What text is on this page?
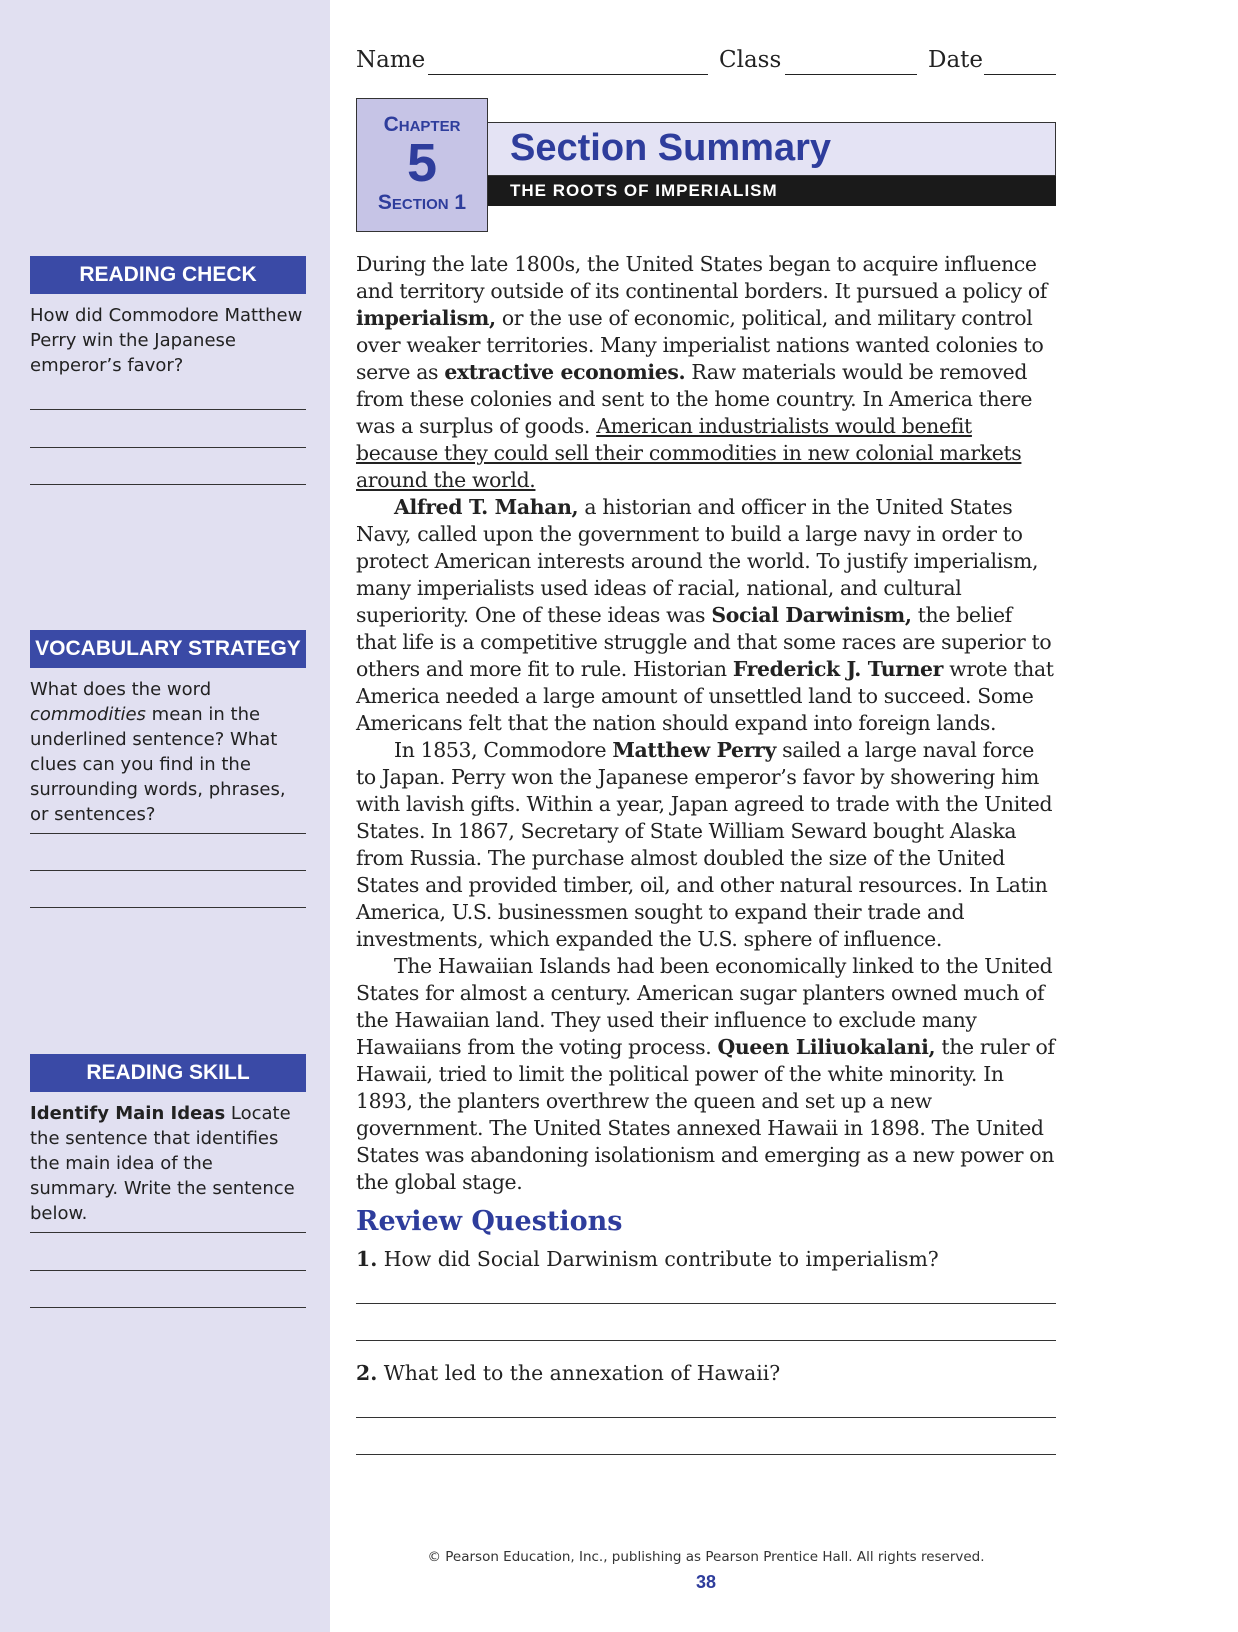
READING CHECK
How did Commodore Matthew Perry win the Japanese emperor’s favor?
VOCABULARY STRATEGY
What does the word commodities mean in the underlined sentence? What clues can you find in the surrounding words, phrases, or sentences?
READING SKILL
Identify Main Ideas Locate the sentence that identifies the main idea of the summary. Write the sentence below.
Name	Class	Date
Chapter
5
Section 1
Section Summary
THE ROOTS OF IMPERIALISM

During the late 1800s, the United States began to acquire influence and territory outside of its continental borders. It pursued a policy of imperialism, or the use of economic, political, and military control over weaker territories. Many imperialist nations wanted colonies to serve as extractive economies. Raw materials would be removed from these colonies and sent to the home country. In America there was a surplus of goods. American industrialists would benefit because they could sell their commodities in new colonial markets around the world.

Alfred T. Mahan, a historian and officer in the United States Navy, called upon the government to build a large navy in order to protect American interests around the world. To justify imperialism, many imperialists used ideas of racial, national, and cultural superiority. One of these ideas was Social Darwinism, the belief that life is a competitive struggle and that some races are superior to others and more fit to rule. Historian Frederick J. Turner wrote that America needed a large amount of unsettled land to succeed. Some Americans felt that the nation should expand into foreign lands.

In 1853, Commodore Matthew Perry sailed a large naval force to Japan. Perry won the Japanese emperor’s favor by showering him with lavish gifts. Within a year, Japan agreed to trade with the United States. In 1867, Secretary of State William Seward bought Alaska from Russia. The purchase almost doubled the size of the United States and provided timber, oil, and other natural resources. In Latin America, U.S. businessmen sought to expand their trade and investments, which expanded the U.S. sphere of influence.

The Hawaiian Islands had been economically linked to the United States for almost a century. American sugar planters owned much of the Hawaiian land. They used their influence to exclude many Hawaiians from the voting process. Queen Liliuokalani, the ruler of Hawaii, tried to limit the political power of the white minority. In 1893, the planters overthrew the queen and set up a new government. The United States annexed Hawaii in 1898. The United States was abandoning isolationism and emerging as a new power on the global stage.

Review Questions
1. How did Social Darwinism contribute to imperialism?
2. What led to the annexation of Hawaii?
© Pearson Education, Inc., publishing as Pearson Prentice Hall. All rights reserved.
38
